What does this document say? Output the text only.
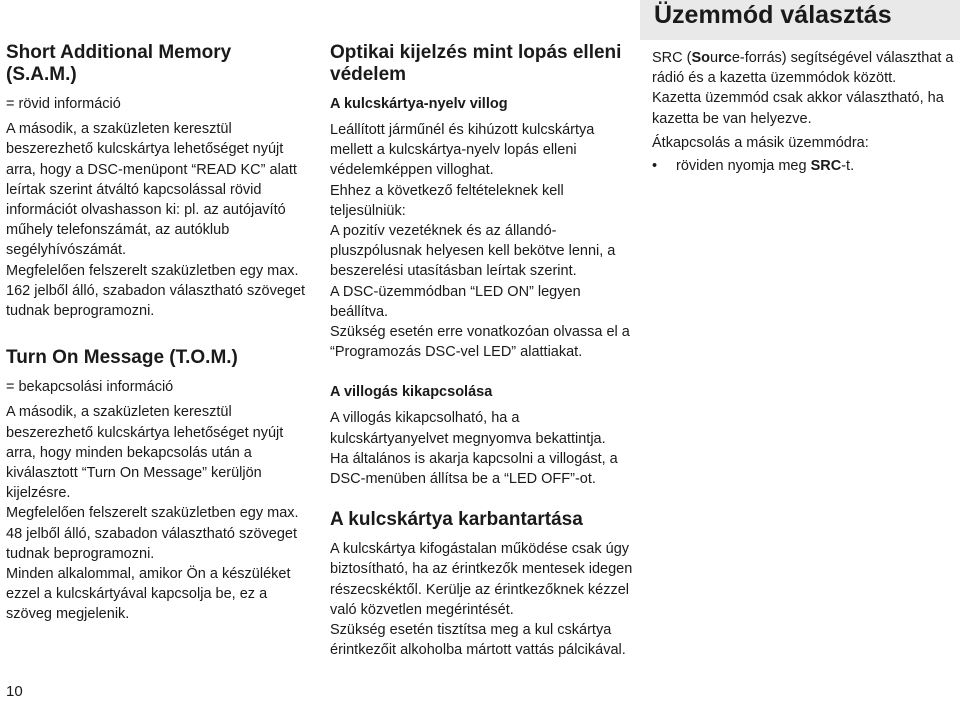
Üzemmód választás

Short Additional Memory

(S.A.M.)

= rövid információ

A második, a szaküzleten keresztül beszerezhető kulcskártya lehetőséget nyújt arra, hogy a DSC-menüpont “READ KC” alatt leírtak szerint átváltó kapcsolással rövid információt olvashasson ki: pl. az autójavító műhely telefonszámát, az autóklub segélyhívószámát.

Megfelelően felszerelt szaküzletben egy max. 162 jelből álló, szabadon választható szöveget tudnak beprogramozni.

Turn On Message (T.O.M.)

= bekapcsolási információ

A második, a szaküzleten keresztül beszerezhető kulcskártya lehetőséget nyújt arra, hogy minden bekapcsolás után a kiválasztott “Turn On Message” kerüljön kijelzésre.

Megfelelően felszerelt szaküzletben egy max. 48 jelből álló, szabadon választható szöveget tudnak beprogramozni.

Minden alkalommal, amikor Ön a készüléket ezzel a kulcskártyával kapcsolja be, ez a szöveg megjelenik.

Optikai kijelzés mint lopás elleni védelem

A kulcskártya-nyelv villog

Leállított járműnél és kihúzott kulcskártya mellett a kulcskártya-nyelv lopás elleni védelemképpen villoghat.

Ehhez a következő feltételeknek kell teljesülniük:

A pozitív vezetéknek és az állandó-pluszpólusnak helyesen kell bekötve lenni, a beszerelési utasításban leírtak szerint.

A DSC-üzemmódban “LED ON” legyen beállítva.

Szükség esetén erre vonatkozóan olvassa el a “Programozás DSC-vel LED” alattiakat.

A villogás kikapcsolása

A villogás kikapcsolható, ha a kulcskártyanyelvet megnyomva bekattintja.

Ha általános is akarja kapcsolni a villogást, a DSC-menüben állítsa be a “LED OFF”-ot.

A kulcskártya karbantartása

A kulcskártya kifogástalan működése csak úgy biztosítható, ha az érintkezők mentesek idegen részecskéktől. Kerülje az érintkezőknek kézzel való közvetlen megérintését.

Szükség esetén tisztítsa meg a kul cskártya érintkezőit alkoholba mártott vattás pálcikával.

SRC (Source-forrás) segítségével választhat a rádió és a kazetta üzemmódok között.

Kazetta üzemmód csak akkor választható, ha kazetta be van helyezve.

Átkapcsolás a másik üzemmódra:

•	röviden nyomja meg SRC-t.
10
